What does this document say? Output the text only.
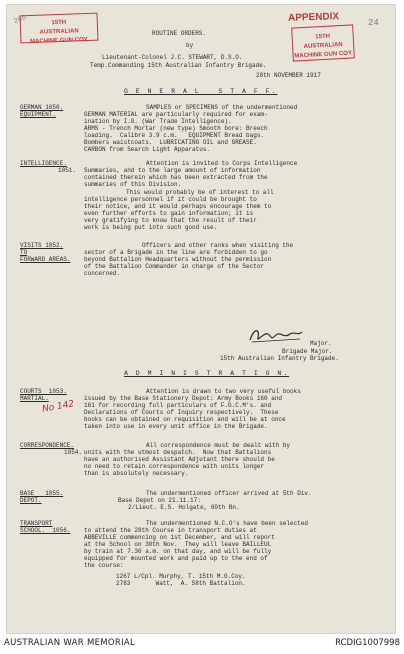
265	15TH
AUSTRALIAN
MACHINE GUN COY.
APPENDIX	24
15TH
AUSTRALIAN
MACHINE GUN COY.
ROUTINE ORDERS.
by
Lieutenant-Colonel J.C. STEWART, D.S.O.
Temp.Commanding 15th Australian Infantry Brigade.
28th NOVEMBER 1917
G E N E R A L   S T A F F.
GERMAN 1050.
EQUIPMENT.
SAMPLES or SPECIMENS of the undermentioned
GERMAN MATERIAL are particularly required for exam-
ination by I.G. (War Trade Intelligence).
ARMS - Trench Mortar (new type) Smooth bore: Breech
loading.  Calibre 3.9 c.m.   EQUIPMENT Bread bags.
Bombers waistcoats.  LUBRICATING OIL and GREASE.
CARBON from Search Light Apparatus.
INTELLIGENCE.
1051.
Attention is invited to Corps Intelligence
Summaries, and to the large amount of information
contained therein which has been extracted from the
summaries of this Division.
This would probably be of interest to all
intelligence personnel if it could be brought to
their notice, and it would perhaps encourage them to
even further efforts to gain information; it is
very gratifying to know that the result of their
work is being put into such good use.
VISITS 1052.
TO
FORWARD AREAS.
Officers and other ranks when visiting the
sector of a Brigade in the line are forbidden to go
beyond Battalion Headquarters without the permission
of the Battalion Commander in charge of the Sector
concerned.
Major.
Brigade Major.
15th Australian Infantry Brigade.
A D M I N I S T R A T I O N.
COURTS  1053.
MARTIAL.
Attention is drawn to two very useful books
issued by the Base Stationery Depot: Army Books 160 and
161 for recording full particulars of F.G.C.M's. and
Declarations of Courts of Inquiry respectively.  These
books can be obtained on requisition and will be at once
taken into use in every unit office in the Brigade.
No 142
CORRESPONDENCE.
1054.
All correspondence must be dealt with by
units with the utmost despatch.  Now that Battalions
have an authorised Assistant Adjutant there should be
no need to retain correspondence with units longer
than is absolutely necessary.
BASE   1055.
DEPOT.
The undermentioned officer arrived at 5th Div.
Base Depot on 21.11.17:
2/Lieut. E.S. Holgate, 60th Bn.
TRANSPORT
SCHOOL.  1056.
The undermentioned N.C.O's have been selected
to attend the 28th Course in transport duties at
ABBEVILLE commencing on 1st December, and will report
at the School on 30th Nov.  They will leave BAILLEUL
by train at 7.30 a.m. on that day, and will be fully
equipped for mounted work and paid up to the end of
the course:
1267 L/Cpl. Murphy, T. 15th M.G.Coy.
2783       Watt,  A. 58th Battalion.
AUSTRALIAN WAR MEMORIAL	RCDIG1007998
